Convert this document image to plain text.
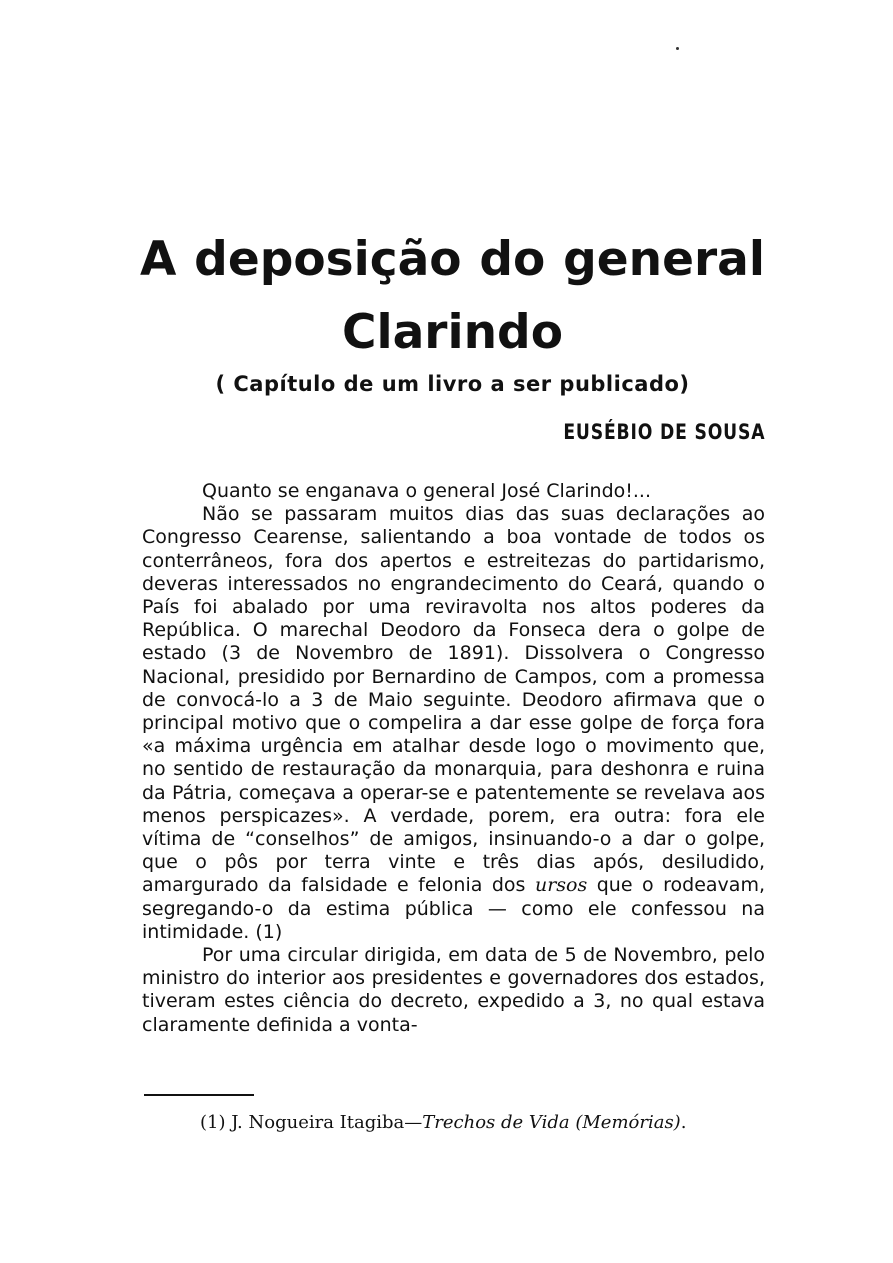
A deposição do general
Clarindo

( Capítulo de um livro a ser publicado)

EUSÉBIO DE SOUSA

Quanto se enganava o general José Clarindo!...

Não se passaram muitos dias das suas declarações ao Congresso Cearense, salientando a boa vontade de todos os conterrâneos, fora dos apertos e estreitezas do partidarismo, deveras interessados no engrandecimento do Ceará, quando o País foi abalado por uma reviravolta nos altos poderes da República. O marechal Deodoro da Fonseca dera o golpe de estado (3 de Novembro de 1891). Dissolvera o Congresso Nacional, presidido por Bernardino de Campos, com a promessa de convocá-lo a 3 de Maio seguinte. Deodoro afirmava que o principal motivo que o compelira a dar esse golpe de força fora «a máxima urgência em atalhar desde logo o movimento que, no sentido de restauração da monarquia, para deshonra e ruina da Pátria, começava a operar-se e patentemente se revelava aos menos perspicazes». A verdade, porem, era outra: fora ele vítima de “conselhos” de amigos, insinuando-o a dar o golpe, que o pôs por terra vinte e três dias após, desiludido, amargurado da falsidade e felonia dos ursos que o rodeavam, segregando-o da estima pública — como ele confessou na intimidade. (1)

Por uma circular dirigida, em data de 5 de Novembro, pelo ministro do interior aos presidentes e governadores dos estados, tiveram estes ciência do decreto, expedido a 3, no qual estava claramente definida a vonta-

(1) J. Nogueira Itagiba—Trechos de Vida (Memórias).
